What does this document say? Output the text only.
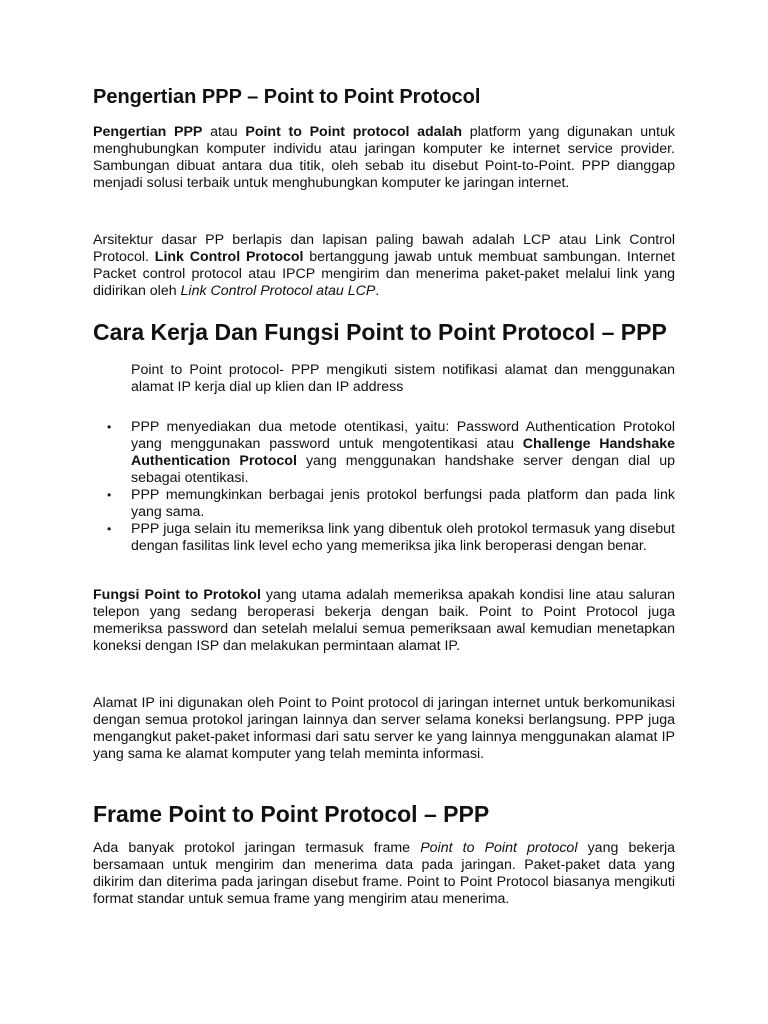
Pengertian PPP – Point to Point Protocol

Pengertian PPP atau Point to Point protocol adalah platform yang digunakan untuk menghubungkan komputer individu atau jaringan komputer ke internet service provider. Sambungan dibuat antara dua titik, oleh sebab itu disebut Point-to-Point. PPP dianggap menjadi solusi terbaik untuk menghubungkan komputer ke jaringan internet.

Arsitektur dasar PP berlapis dan lapisan paling bawah adalah LCP atau Link Control Protocol. Link Control Protocol bertanggung jawab untuk membuat sambungan. Internet Packet control protocol atau IPCP mengirim dan menerima paket-paket melalui link yang didirikan oleh Link Control Protocol atau LCP.

Cara Kerja Dan Fungsi Point to Point Protocol – PPP

Point to Point protocol- PPP mengikuti sistem notifikasi alamat dan menggunakan alamat IP kerja dial up klien dan IP address

• PPP menyediakan dua metode otentikasi, yaitu: Password Authentication Protokol yang menggunakan password untuk mengotentikasi atau Challenge Handshake Authentication Protocol yang menggunakan handshake server dengan dial up sebagai otentikasi.
• PPP memungkinkan berbagai jenis protokol berfungsi pada platform dan pada link yang sama.
• PPP juga selain itu memeriksa link yang dibentuk oleh protokol termasuk yang disebut dengan fasilitas link level echo yang memeriksa jika link beroperasi dengan benar.

Fungsi Point to Protokol yang utama adalah memeriksa apakah kondisi line atau saluran telepon yang sedang beroperasi bekerja dengan baik. Point to Point Protocol juga memeriksa password dan setelah melalui semua pemeriksaan awal kemudian menetapkan koneksi dengan ISP dan melakukan permintaan alamat IP.

Alamat IP ini digunakan oleh Point to Point protocol di jaringan internet untuk berkomunikasi dengan semua protokol jaringan lainnya dan server selama koneksi berlangsung. PPP juga mengangkut paket-paket informasi dari satu server ke yang lainnya menggunakan alamat IP yang sama ke alamat komputer yang telah meminta informasi.

Frame Point to Point Protocol – PPP

Ada banyak protokol jaringan termasuk frame Point to Point protocol yang bekerja bersamaan untuk mengirim dan menerima data pada jaringan. Paket-paket data yang dikirim dan diterima pada jaringan disebut frame. Point to Point Protocol biasanya mengikuti format standar untuk semua frame yang mengirim atau menerima.
